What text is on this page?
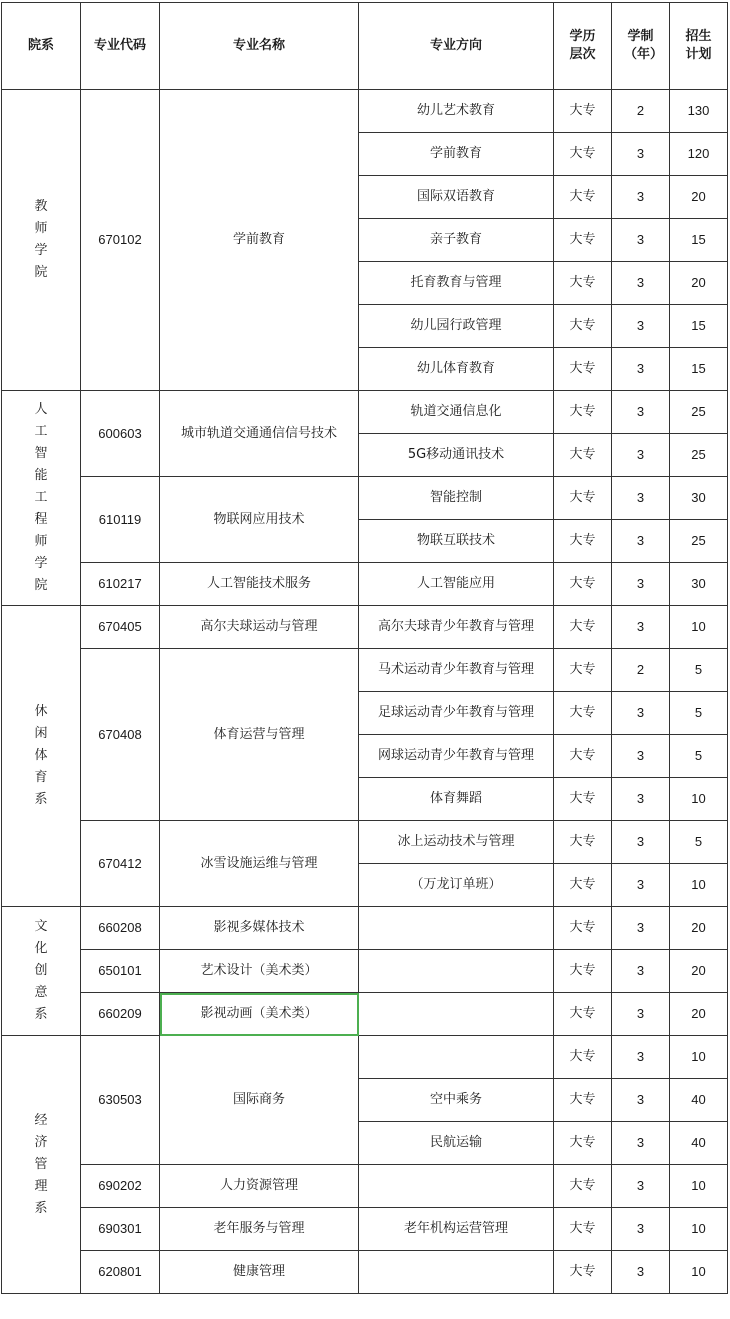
院系	专业代码	专业名称	专业方向	学历层次	学制（年）	招生计划

教师学院	670102	学前教育	幼儿艺术教育	大专	2	130
			学前教育	大专	3	120
			国际双语教育	大专	3	20
			亲子教育	大专	3	15
			托育教育与管理	大专	3	20
			幼儿园行政管理	大专	3	15
			幼儿体育教育	大专	3	15

人工智能工程师学院	600603	城市轨道交通通信信号技术	轨道交通信息化	大专	3	25
			5G移动通讯技术	大专	3	25
	610119	物联网应用技术	智能控制	大专	3	30
			物联互联技术	大专	3	25
	610217	人工智能技术服务	人工智能应用	大专	3	30

休闲体育系	670405	高尔夫球运动与管理	高尔夫球青少年教育与管理	大专	3	10
	670408	体育运营与管理	马术运动青少年教育与管理	大专	2	5
			足球运动青少年教育与管理	大专	3	5
			网球运动青少年教育与管理	大专	3	5
			体育舞蹈	大专	3	10
	670412	冰雪设施运维与管理	冰上运动技术与管理	大专	3	5
			（万龙订单班）	大专	3	10

文化创意系	660208	影视多媒体技术		大专	3	20
	650101	艺术设计（美术类）		大专	3	20
	660209	影视动画（美术类）		大专	3	20

经济管理系	630503	国际商务		大专	3	10
			空中乘务	大专	3	40
			民航运输	大专	3	40
	690202	人力资源管理		大专	3	10
	690301	老年服务与管理	老年机构运营管理	大专	3	10
	620801	健康管理		大专	3	10
